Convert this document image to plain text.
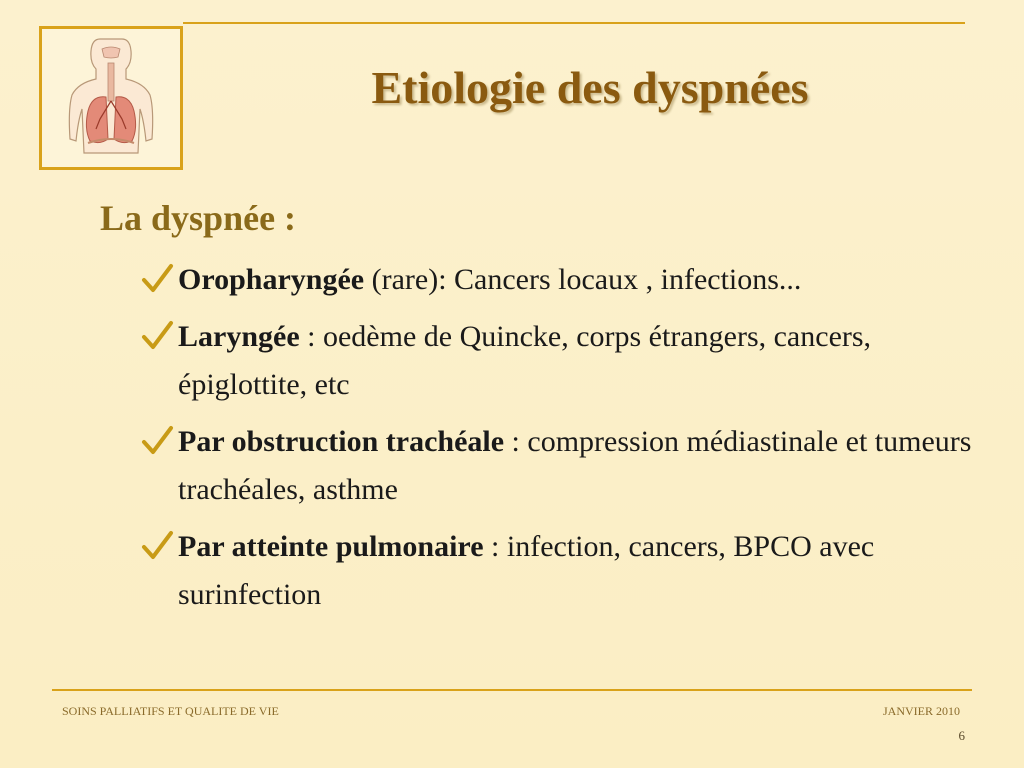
Etiologie des dyspnées
La dyspnée :
Oropharyngée (rare): Cancers locaux , infections...
Laryngée : oedème de Quincke, corps étrangers, cancers, épiglottite, etc
Par obstruction trachéale : compression médiastinale et tumeurs trachéales, asthme
Par atteinte pulmonaire : infection, cancers, BPCO avec surinfection
SOINS PALLIATIFS ET QUALITE DE VIE	JANVIER 2010
6
